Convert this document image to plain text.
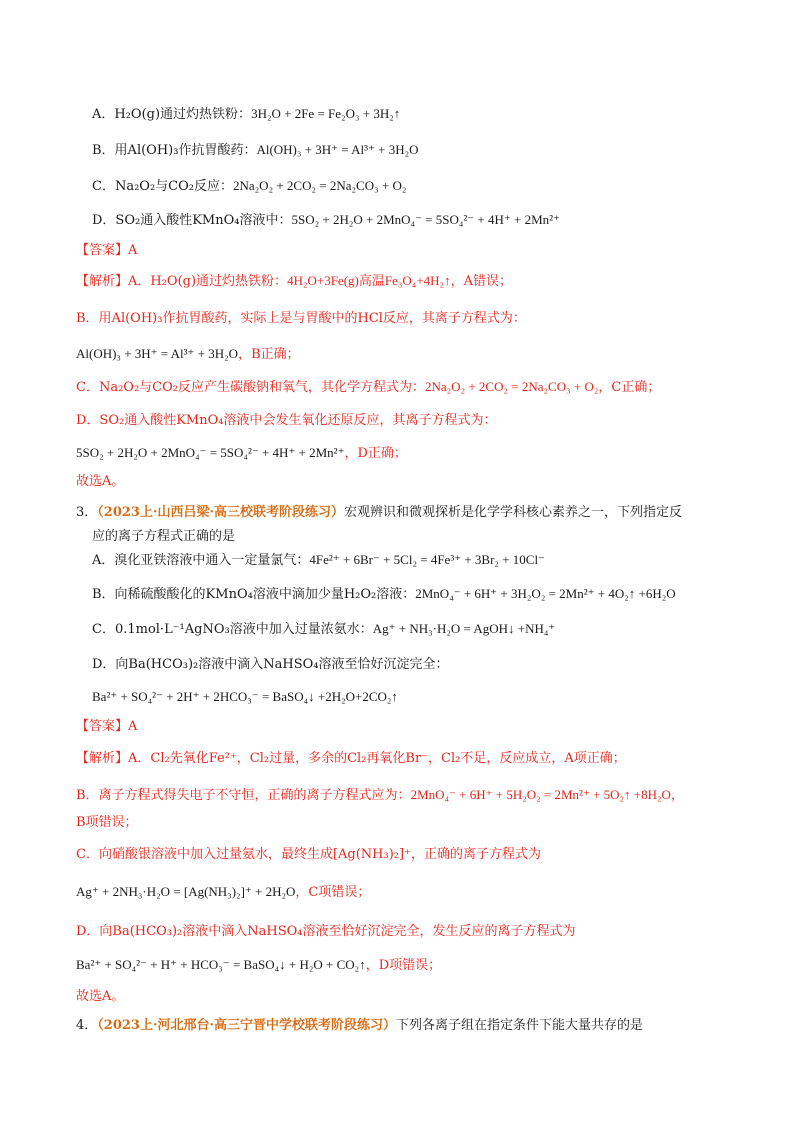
A．H₂O(g)通过灼热铁粉：3H₂O + 2Fe = Fe₂O₃ + 3H₂↑
B．用Al(OH)₃作抗胃酸药：Al(OH)₃ + 3H⁺ = Al³⁺ + 3H₂O
C．Na₂O₂与CO₂反应：2Na₂O₂ + 2CO₂ = 2Na₂CO₃ + O₂
D．SO₂通入酸性KMnO₄溶液中：5SO₂ + 2H₂O + 2MnO₄⁻ = 5SO₄²⁻ + 4H⁺ + 2Mn²⁺
【答案】A
【解析】A．H₂O(g)通过灼热铁粉：4H₂O+3Fe(g)高温Fe₃O₄+4H₂↑，A错误；
B．用Al(OH)₃作抗胃酸药，实际上是与胃酸中的HCl反应，其离子方程式为：
Al(OH)₃ + 3H⁺ = Al³⁺ + 3H₂O，B正确；
C．Na₂O₂与CO₂反应产生碳酸钠和氧气，其化学方程式为：2Na₂O₂ + 2CO₂ = 2Na₂CO₃ + O₂，C正确；
D．SO₂通入酸性KMnO₄溶液中会发生氧化还原反应，其离子方程式为：
5SO₂ + 2H₂O + 2MnO₄⁻ = 5SO₄²⁻ + 4H⁺ + 2Mn²⁺，D正确；
故选A。
3．（2023上·山西吕梁·高三校联考阶段练习）宏观辨识和微观探析是化学学科核心素养之一，下列指定反
应的离子方程式正确的是
A．溴化亚铁溶液中通入一定量氯气：4Fe²⁺ + 6Br⁻ + 5Cl₂ = 4Fe³⁺ + 3Br₂ + 10Cl⁻
B．向稀硫酸酸化的KMnO₄溶液中滴加少量H₂O₂溶液：2MnO₄⁻ + 6H⁺ + 3H₂O₂ = 2Mn²⁺ + 4O₂↑ +6H₂O
C．0.1mol·L⁻¹AgNO₃溶液中加入过量浓氨水：Ag⁺ + NH₃·H₂O = AgOH↓ +NH₄⁺
D．向Ba(HCO₃)₂溶液中滴入NaHSO₄溶液至恰好沉淀完全：
Ba²⁺ + SO₄²⁻ + 2H⁺ + 2HCO₃⁻ = BaSO₄↓ +2H₂O+2CO₂↑
【答案】A
【解析】A．Cl₂先氧化Fe²⁺，Cl₂过量，多余的Cl₂再氧化Br⁻，Cl₂不足，反应成立，A项正确；
B．离子方程式得失电子不守恒，正确的离子方程式应为：2MnO₄⁻ + 6H⁺ + 5H₂O₂ = 2Mn²⁺ + 5O₂↑ +8H₂O，
B项错误；
C．向硝酸银溶液中加入过量氨水，最终生成[Ag(NH₃)₂]⁺，正确的离子方程式为
Ag⁺ + 2NH₃·H₂O = [Ag(NH₃)₂]⁺ + 2H₂O，C项错误；
D．向Ba(HCO₃)₂溶液中滴入NaHSO₄溶液至恰好沉淀完全，发生反应的离子方程式为
Ba²⁺ + SO₄²⁻ + H⁺ + HCO₃⁻ = BaSO₄↓ + H₂O + CO₂↑，D项错误；
故选A。
4．（2023上·河北邢台·高三宁晋中学校联考阶段练习）下列各离子组在指定条件下能大量共存的是
